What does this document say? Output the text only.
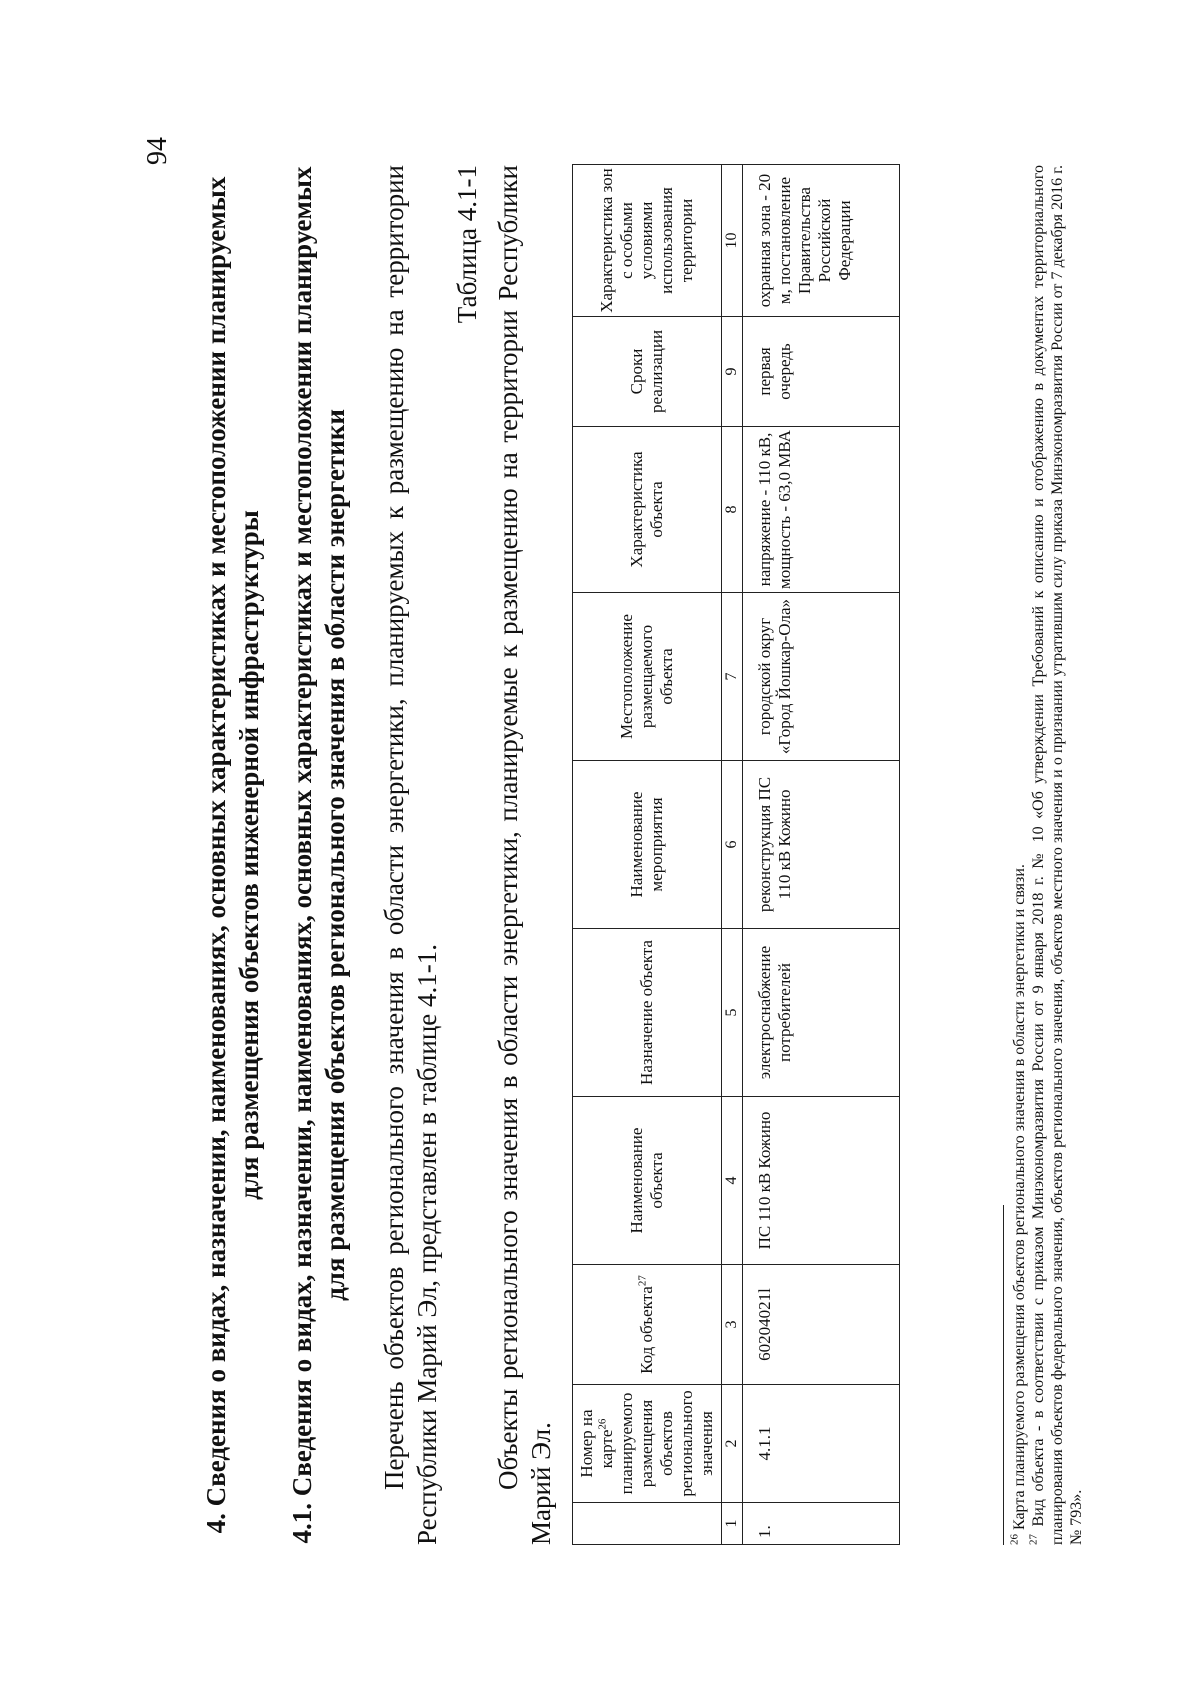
94

4. Сведения о видах, назначении, наименованиях, основных характеристиках и местоположении планируемых для размещения объектов инженерной инфраструктуры 4.1. Сведения о видах, назначении, наименованиях, основных характеристиках и местоположении планируемых для размещения объектов регионального значения в области энергетики Перечень объектов регионального значения в области энергетики, планируемых к размещению на территории Республики Марий Эл, представлен в таблице 4.1-1.

Таблица 4.1-1 Объекты регионального значения в области энергетики, планируемые к размещению на территории Республики Марий Эл.

	Номер на карте$^{26}$ планируемого размещения объектов регионального значения	Код объекта$^{27}$	Наименование объекта	Назначение объекта	Наименование мероприятия	Местоположение размещаемого объекта	Характеристика объекта	Сроки реализации	Характеристика зон с особыми условиями использования территории
1	2	3	4	5	6	7	8	9	10
1.	4.1.1	60204021l	ПС 110 кВ Кожино	электроснабжение потребителей	реконструкция ПС 110 кВ Кожино	городской округ «Город Йошкар-Ола»	напряжение - 110 кВ, мощность - 63,0 МВА	первая очередь	охранная зона - 20 м, постановление Правительства Российской Федерации

$^{26}$ Карта планируемого размещения объектов регионального значения в области энергетики и связи.

$^{27}$ Вид объекта - в соответствии с приказом Минэкономразвития России от 9 января 2018 г. № 10 «Об утверждении Требований к описанию и отображению в документах территориального планирования объектов федерального значения, объектов регионального значения, объектов местного значения и о признании утратившим силу приказа Минэкономразвития России от 7 декабря 2016 г. № 793».
